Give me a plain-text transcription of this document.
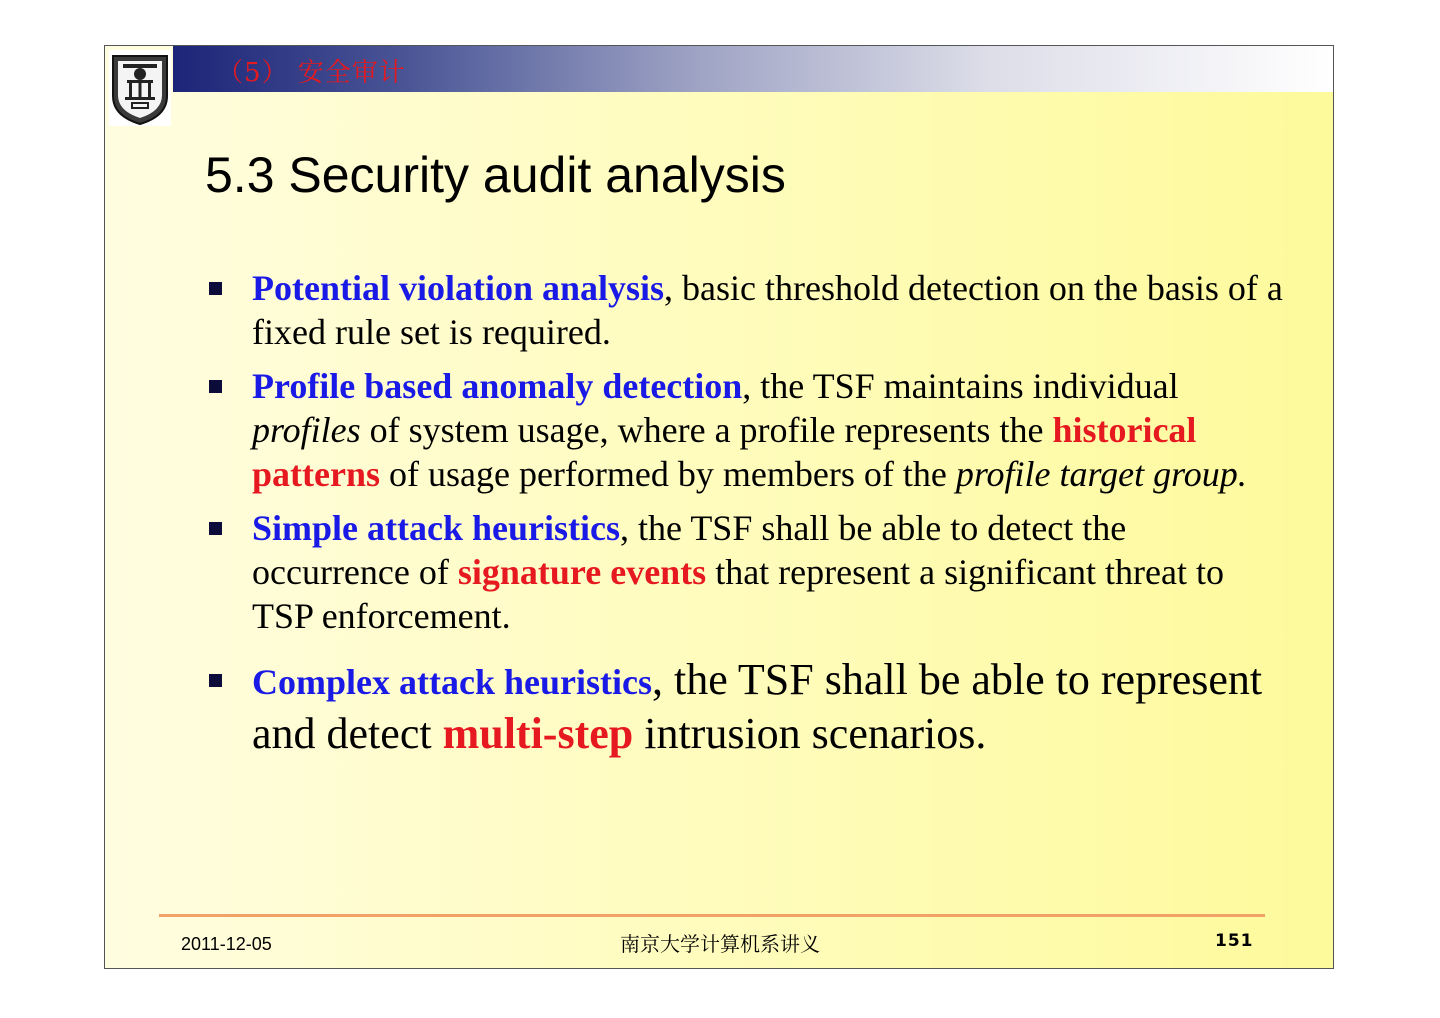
（5） 安全审计
5.3 Security audit analysis
Potential violation analysis, basic threshold detection on the basis of a fixed rule set is required.
Profile based anomaly detection, the TSF maintains individual profiles of system usage, where a profile represents the historical patterns of usage performed by members of the profile target group.
Simple attack heuristics, the TSF shall be able to detect the occurrence of signature events that represent a significant threat to TSP enforcement.
Complex attack heuristics, the TSF shall be able to represent and detect multi-step intrusion scenarios.
2011-12-05	南京大学计算机系讲义	151
